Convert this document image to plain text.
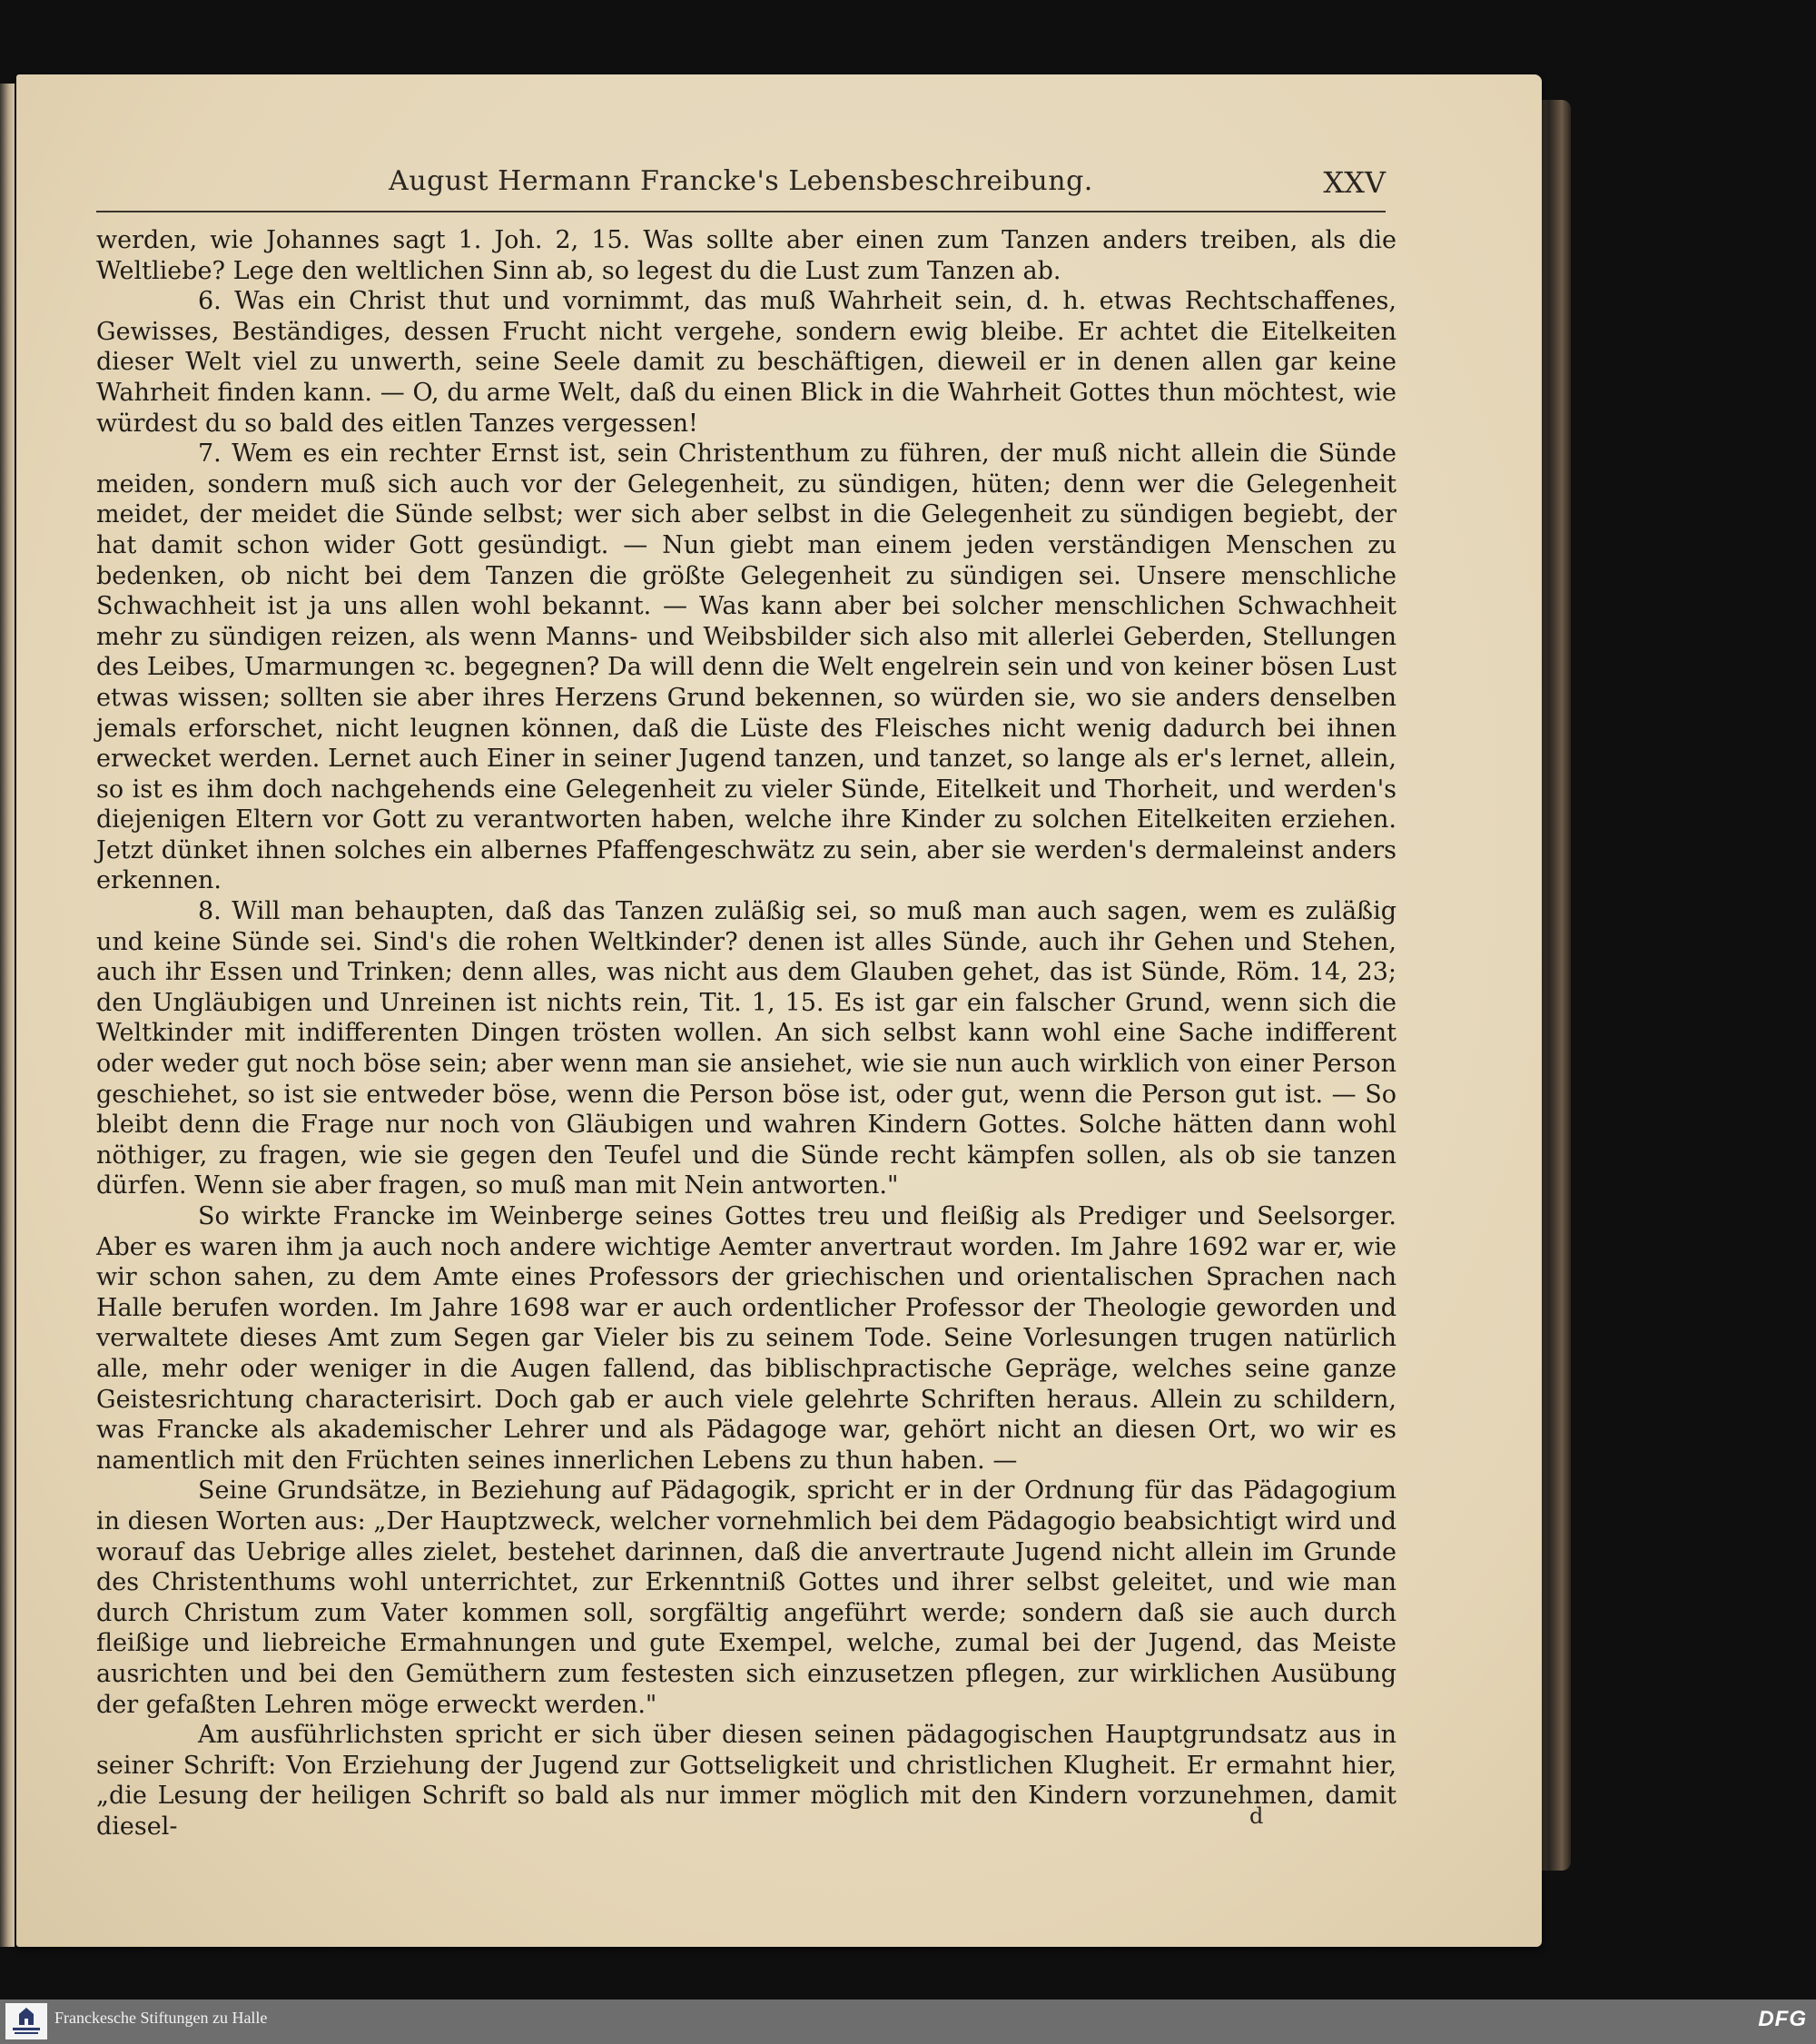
August Hermann Francke's Lebensbeschreibung.	XXV

werden, wie Johannes sagt 1. Joh. 2, 15. Was sollte aber einen zum Tanzen anders treiben, als die Weltliebe? Lege den weltlichen Sinn ab, so legest du die Lust zum Tanzen ab.

6. Was ein Christ thut und vornimmt, das muß Wahrheit sein, d. h. etwas Rechtschaffenes, Gewisses, Beständiges, dessen Frucht nicht vergehe, sondern ewig bleibe. Er achtet die Eitelkeiten dieser Welt viel zu unwerth, seine Seele damit zu beschäftigen, dieweil er in denen allen gar keine Wahrheit finden kann. — O, du arme Welt, daß du einen Blick in die Wahrheit Gottes thun möchtest, wie würdest du so bald des eitlen Tanzes vergessen!

7. Wem es ein rechter Ernst ist, sein Christenthum zu führen, der muß nicht allein die Sünde meiden, sondern muß sich auch vor der Gelegenheit, zu sündigen, hüten; denn wer die Gelegenheit meidet, der meidet die Sünde selbst; wer sich aber selbst in die Gelegenheit zu sündigen begiebt, der hat damit schon wider Gott gesündigt. — Nun giebt man einem jeden verständigen Menschen zu bedenken, ob nicht bei dem Tanzen die größte Gelegenheit zu sündigen sei. Unsere menschliche Schwachheit ist ja uns allen wohl bekannt. — Was kann aber bei solcher menschlichen Schwachheit mehr zu sündigen reizen, als wenn Manns- und Weibsbilder sich also mit allerlei Geberden, Stellungen des Leibes, Umarmungen ꝛc. begegnen? Da will denn die Welt engelrein sein und von keiner bösen Lust etwas wissen; sollten sie aber ihres Herzens Grund bekennen, so würden sie, wo sie anders denselben jemals erforschet, nicht leugnen können, daß die Lüste des Fleisches nicht wenig dadurch bei ihnen erwecket werden. Lernet auch Einer in seiner Jugend tanzen, und tanzet, so lange als er's lernet, allein, so ist es ihm doch nachgehends eine Gelegenheit zu vieler Sünde, Eitelkeit und Thorheit, und werden's diejenigen Eltern vor Gott zu verantworten haben, welche ihre Kinder zu solchen Eitelkeiten erziehen. Jetzt dünket ihnen solches ein albernes Pfaffengeschwätz zu sein, aber sie werden's dermaleinst anders erkennen.

8. Will man behaupten, daß das Tanzen zuläßig sei, so muß man auch sagen, wem es zuläßig und keine Sünde sei. Sind's die rohen Weltkinder? denen ist alles Sünde, auch ihr Gehen und Stehen, auch ihr Essen und Trinken; denn alles, was nicht aus dem Glauben gehet, das ist Sünde, Röm. 14, 23; den Ungläubigen und Unreinen ist nichts rein, Tit. 1, 15. Es ist gar ein falscher Grund, wenn sich die Weltkinder mit indifferenten Dingen trösten wollen. An sich selbst kann wohl eine Sache indifferent oder weder gut noch böse sein; aber wenn man sie ansiehet, wie sie nun auch wirklich von einer Person geschiehet, so ist sie entweder böse, wenn die Person böse ist, oder gut, wenn die Person gut ist. — So bleibt denn die Frage nur noch von Gläubigen und wahren Kindern Gottes. Solche hätten dann wohl nöthiger, zu fragen, wie sie gegen den Teufel und die Sünde recht kämpfen sollen, als ob sie tanzen dürfen. Wenn sie aber fragen, so muß man mit Nein antworten."

So wirkte Francke im Weinberge seines Gottes treu und fleißig als Prediger und Seelsorger. Aber es waren ihm ja auch noch andere wichtige Aemter anvertraut worden. Im Jahre 1692 war er, wie wir schon sahen, zu dem Amte eines Professors der griechischen und orientalischen Sprachen nach Halle berufen worden. Im Jahre 1698 war er auch ordentlicher Professor der Theologie geworden und verwaltete dieses Amt zum Segen gar Vieler bis zu seinem Tode. Seine Vorlesungen trugen natürlich alle, mehr oder weniger in die Augen fallend, das biblischpractische Gepräge, welches seine ganze Geistesrichtung characterisirt. Doch gab er auch viele gelehrte Schriften heraus. Allein zu schildern, was Francke als akademischer Lehrer und als Pädagoge war, gehört nicht an diesen Ort, wo wir es namentlich mit den Früchten seines innerlichen Lebens zu thun haben. —

Seine Grundsätze, in Beziehung auf Pädagogik, spricht er in der Ordnung für das Pädagogium in diesen Worten aus: „Der Hauptzweck, welcher vornehmlich bei dem Pädagogio beabsichtigt wird und worauf das Uebrige alles zielet, bestehet darinnen, daß die anvertraute Jugend nicht allein im Grunde des Christenthums wohl unterrichtet, zur Erkenntniß Gottes und ihrer selbst geleitet, und wie man durch Christum zum Vater kommen soll, sorgfältig angeführt werde; sondern daß sie auch durch fleißige und liebreiche Ermahnungen und gute Exempel, welche, zumal bei der Jugend, das Meiste ausrichten und bei den Gemüthern zum festesten sich einzusetzen pflegen, zur wirklichen Ausübung der gefaßten Lehren möge erweckt werden."

Am ausführlichsten spricht er sich über diesen seinen pädagogischen Hauptgrundsatz aus in seiner Schrift: Von Erziehung der Jugend zur Gottseligkeit und christlichen Klugheit. Er ermahnt hier, „die Lesung der heiligen Schrift so bald als nur immer möglich mit den Kindern vorzunehmen, damit diesel-	d
Franckesche Stiftungen zu Halle	DFG
